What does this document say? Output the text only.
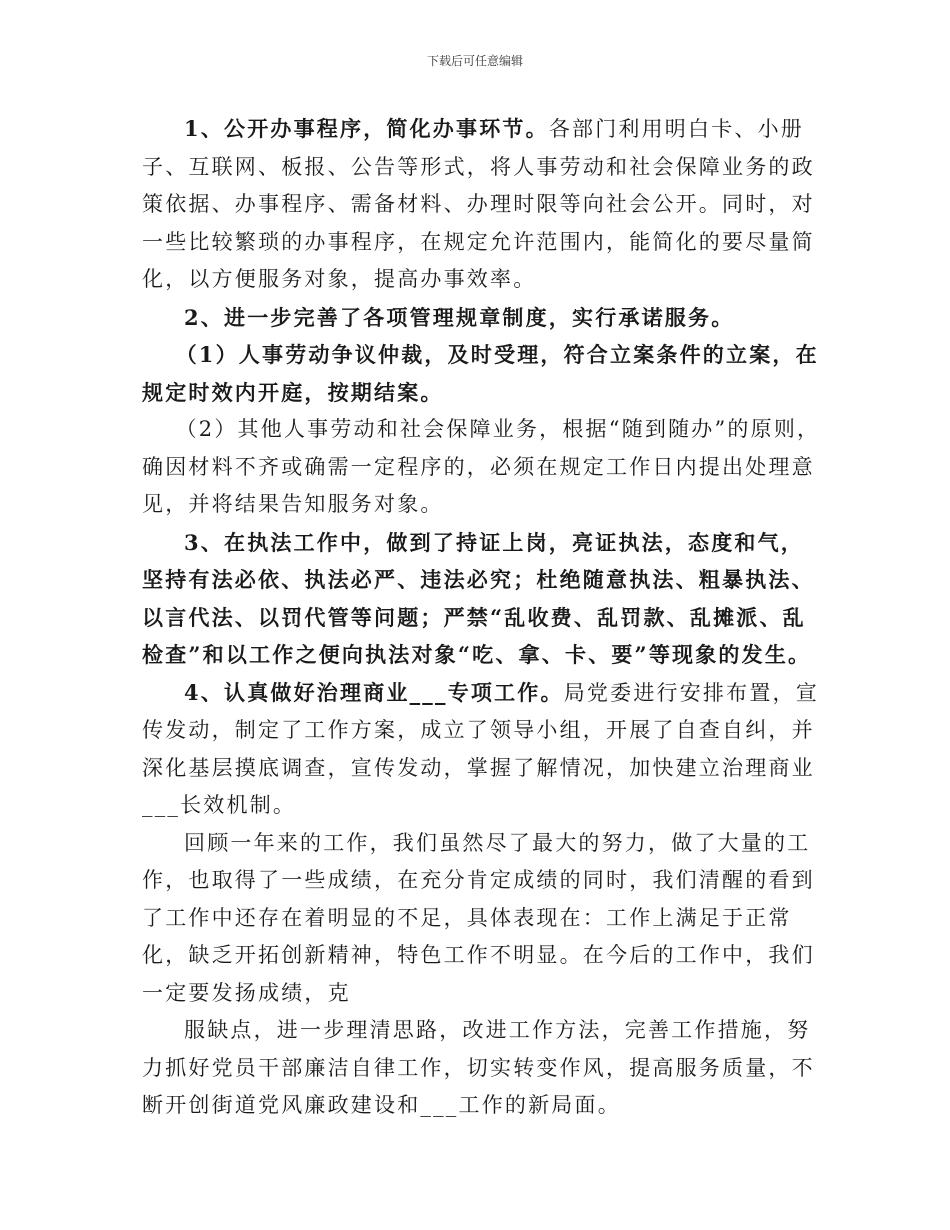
下载后可任意编辑

1、公开办事程序，简化办事环节。各部门利用明白卡、小册子、互联网、板报、公告等形式，将人事劳动和社会保障业务的政策依据、办事程序、需备材料、办理时限等向社会公开。同时，对一些比较繁琐的办事程序，在规定允许范围内，能简化的要尽量简化，以方便服务对象，提高办事效率。

2、进一步完善了各项管理规章制度，实行承诺服务。

（1）人事劳动争议仲裁，及时受理，符合立案条件的立案，在规定时效内开庭，按期结案。

（2）其他人事劳动和社会保障业务，根据“随到随办”的原则，确因材料不齐或确需一定程序的，必须在规定工作日内提出处理意见，并将结果告知服务对象。

3、在执法工作中，做到了持证上岗，亮证执法，态度和气，坚持有法必依、执法必严、违法必究；杜绝随意执法、粗暴执法、以言代法、以罚代管等问题；严禁“乱收费、乱罚款、乱摊派、乱检查”和以工作之便向执法对象“吃、拿、卡、要”等现象的发生。

4、认真做好治理商业___专项工作。局党委进行安排布置，宣传发动，制定了工作方案，成立了领导小组，开展了自查自纠，并深化基层摸底调查，宣传发动，掌握了解情况，加快建立治理商业___长效机制。

回顾一年来的工作，我们虽然尽了最大的努力，做了大量的工作，也取得了一些成绩，在充分肯定成绩的同时，我们清醒的看到了工作中还存在着明显的不足，具体表现在：工作上满足于正常化，缺乏开拓创新精神，特色工作不明显。在今后的工作中，我们一定要发扬成绩，克

服缺点，进一步理清思路，改进工作方法，完善工作措施，努力抓好党员干部廉洁自律工作，切实转变作风，提高服务质量，不断开创街道党风廉政建设和___工作的新局面。
